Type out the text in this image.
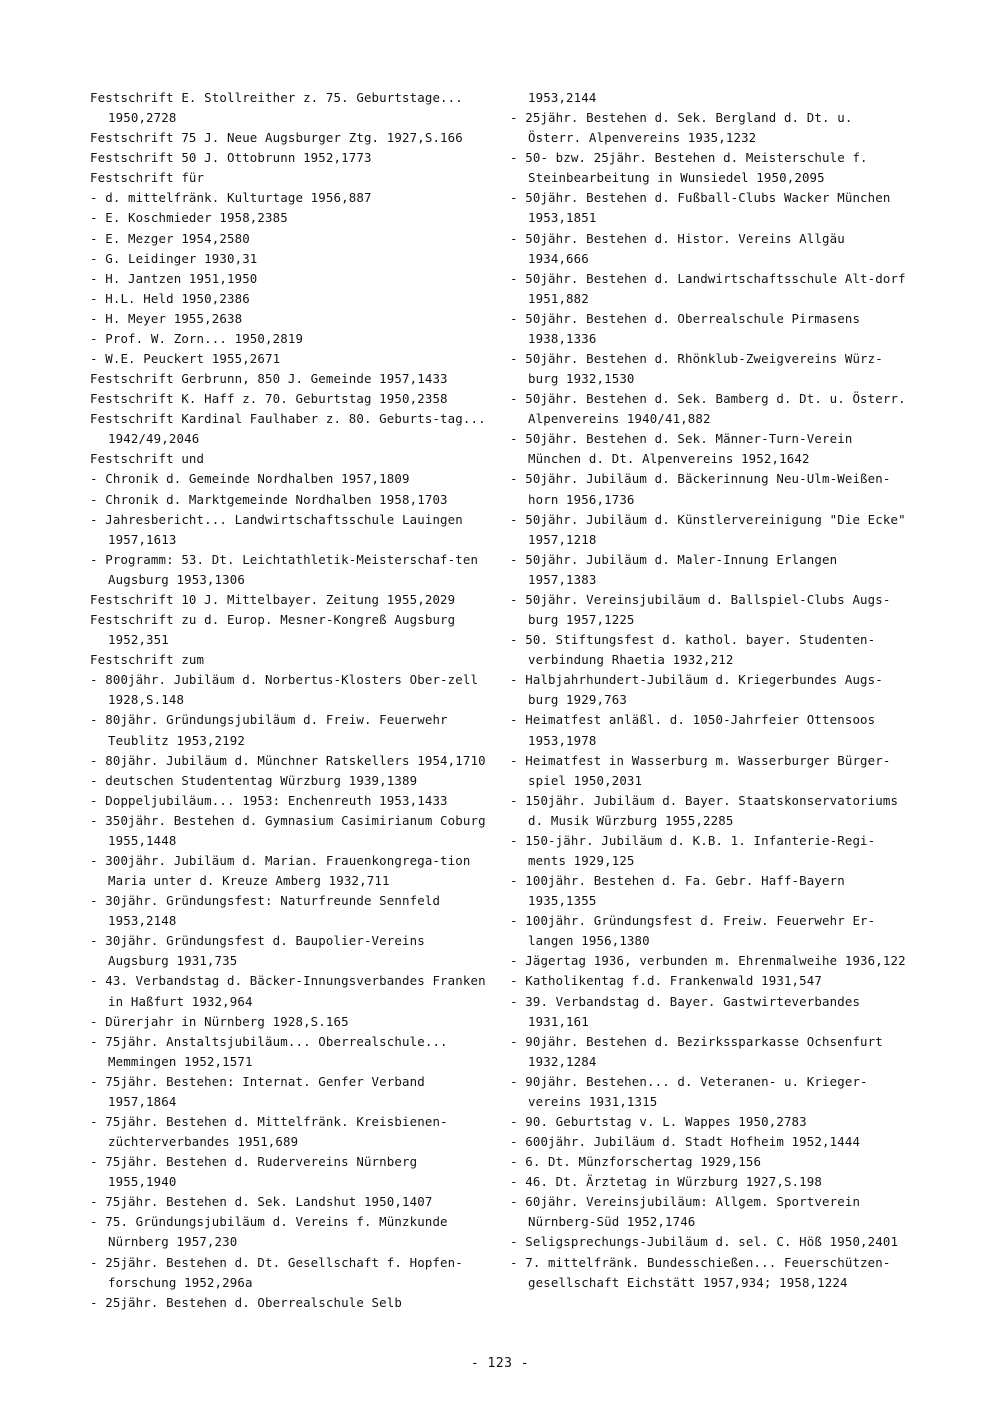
Festschrift E. Stollreither z. 75. Geburtstage... 1950,2728
Festschrift 75 J. Neue Augsburger Ztg. 1927,S.166
Festschrift 50 J. Ottobrunn 1952,1773
Festschrift für
- d. mittelfränk. Kulturtage 1956,887
- E. Koschmieder 1958,2385
- E. Mezger 1954,2580
- G. Leidinger 1930,31
- H. Jantzen 1951,1950
- H.L. Held 1950,2386
- H. Meyer 1955,2638
- Prof. W. Zorn... 1950,2819
- W.E. Peuckert 1955,2671
Festschrift Gerbrunn, 850 J. Gemeinde 1957,1433
Festschrift K. Haff z. 70. Geburtstag 1950,2358
Festschrift Kardinal Faulhaber z. 80. Geburts-tag... 1942/49,2046
Festschrift und
- Chronik d. Gemeinde Nordhalben 1957,1809
- Chronik d. Marktgemeinde Nordhalben 1958,1703
- Jahresbericht... Landwirtschaftsschule Lauingen 1957,1613
- Programm: 53. Dt. Leichtathletik-Meisterschaf-ten Augsburg 1953,1306
Festschrift 10 J. Mittelbayer. Zeitung 1955,2029
Festschrift zu d. Europ. Mesner-Kongreß Augsburg 1952,351
Festschrift zum
- 800jähr. Jubiläum d. Norbertus-Klosters Ober-zell 1928,S.148
- 80jähr. Gründungsjubiläum d. Freiw. Feuerwehr Teublitz 1953,2192
- 80jähr. Jubiläum d. Münchner Ratskellers 1954,1710
- deutschen Studententag Würzburg 1939,1389
- Doppeljubiläum... 1953: Enchenreuth 1953,1433
- 350jähr. Bestehen d. Gymnasium Casimirianum Coburg 1955,1448
- 300jähr. Jubiläum d. Marian. Frauenkongrega-tion Maria unter d. Kreuze Amberg 1932,711
- 30jähr. Gründungsfest: Naturfreunde Sennfeld 1953,2148
- 30jähr. Gründungsfest d. Baupolier-Vereins Augsburg 1931,735
- 43. Verbandstag d. Bäcker-Innungsverbandes Franken in Haßfurt 1932,964
- Dürerjahr in Nürnberg 1928,S.165
- 75jähr. Anstaltsjubiläum... Oberrealschule... Memmingen 1952,1571
- 75jähr. Bestehen: Internat. Genfer Verband 1957,1864
- 75jähr. Bestehen d. Mittelfränk. Kreisbienen-züchterverbandes 1951,689
- 75jähr. Bestehen d. Rudervereins Nürnberg 1955,1940
- 75jähr. Bestehen d. Sek. Landshut 1950,1407
- 75. Gründungsjubiläum d. Vereins f. Münzkunde Nürnberg 1957,230
- 25jähr. Bestehen d. Dt. Gesellschaft f. Hopfen-forschung 1952,296a
- 25jähr. Bestehen d. Oberrealschule Selb
1953,2144
- 25jähr. Bestehen d. Sek. Bergland d. Dt. u. Österr. Alpenvereins 1935,1232
- 50- bzw. 25jähr. Bestehen d. Meisterschule f. Steinbearbeitung in Wunsiedel 1950,2095
- 50jähr. Bestehen d. Fußball-Clubs Wacker München 1953,1851
- 50jähr. Bestehen d. Histor. Vereins Allgäu 1934,666
- 50jähr. Bestehen d. Landwirtschaftsschule Alt-dorf 1951,882
- 50jähr. Bestehen d. Oberrealschule Pirmasens 1938,1336
- 50jähr. Bestehen d. Rhönklub-Zweigvereins Würz-burg 1932,1530
- 50jähr. Bestehen d. Sek. Bamberg d. Dt. u. Österr. Alpenvereins 1940/41,882
- 50jähr. Bestehen d. Sek. Männer-Turn-Verein München d. Dt. Alpenvereins 1952,1642
- 50jähr. Jubiläum d. Bäckerinnung Neu-Ulm-Weißen-horn 1956,1736
- 50jähr. Jubiläum d. Künstlervereinigung "Die Ecke" 1957,1218
- 50jähr. Jubiläum d. Maler-Innung Erlangen 1957,1383
- 50jähr. Vereinsjubiläum d. Ballspiel-Clubs Augs-burg 1957,1225
- 50. Stiftungsfest d. kathol. bayer. Studenten-verbindung Rhaetia 1932,212
- Halbjahrhundert-Jubiläum d. Kriegerbundes Augs-burg 1929,763
- Heimatfest anläßl. d. 1050-Jahrfeier Ottensoos 1953,1978
- Heimatfest in Wasserburg m. Wasserburger Bürger-spiel 1950,2031
- 150jähr. Jubiläum d. Bayer. Staatskonservatoriums d. Musik Würzburg 1955,2285
- 150-jähr. Jubiläum d. K.B. 1. Infanterie-Regi-ments 1929,125
- 100jähr. Bestehen d. Fa. Gebr. Haff-Bayern 1935,1355
- 100jähr. Gründungsfest d. Freiw. Feuerwehr Er-langen 1956,1380
- Jägertag 1936, verbunden m. Ehrenmalweihe 1936,122
- Katholikentag f.d. Frankenwald 1931,547
- 39. Verbandstag d. Bayer. Gastwirteverbandes 1931,161
- 90jähr. Bestehen d. Bezirkssparkasse Ochsenfurt 1932,1284
- 90jähr. Bestehen... d. Veteranen- u. Krieger-vereins 1931,1315
- 90. Geburtstag v. L. Wappes 1950,2783
- 600jähr. Jubiläum d. Stadt Hofheim 1952,1444
- 6. Dt. Münzforschertag 1929,156
- 46. Dt. Ärztetag in Würzburg 1927,S.198
- 60jähr. Vereinsjubiläum: Allgem. Sportverein Nürnberg-Süd 1952,1746
- Seligsprechungs-Jubiläum d. sel. C. Höß 1950,2401
- 7. mittelfränk. Bundesschießen... Feuerschützen-gesellschaft Eichstätt 1957,934; 1958,1224
- 123 -
